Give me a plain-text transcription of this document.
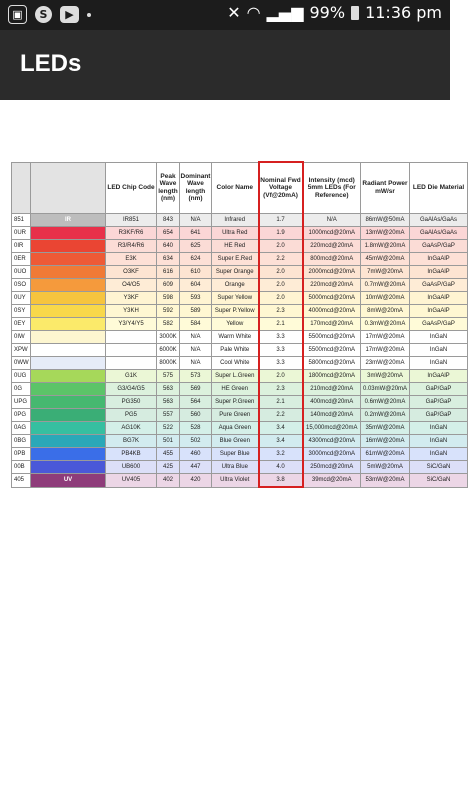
▣	S	▶	✕ ◠ ▂▄▆ 99% 11:36 pm
LEDs
		LED Chip Code	Peak Wave length (nm)	Dominant Wave length (nm)	Color Name	Nominal Fwd Voltage (Vf@20mA)	Intensity (mcd) 5mm LEDs (For Reference)	Radiant Power mW/sr	LED Die Material
851	IR	IR851	843	N/A	Infrared	1.7	N/A	86mW@50mA	GaAlAs/GaAs
0UR		R3KF/R6	654	641	Ultra Red	1.9	1000mcd@20mA	13mW@20mA	GaAlAs/GaAs
0IR		R3/R4/R6	640	625	HE Red	2.0	220mcd@20mA	1.8mW@20mA	GaAsP/GaP
0ER		E3K	634	624	Super E.Red	2.2	800mcd@20mA	45mW@20mA	InGaAlP
0UO		O3KF	616	610	Super Orange	2.0	2000mcd@20mA	7mW@20mA	InGaAlP
0SO		O4/O5	609	604	Orange	2.0	220mcd@20mA	0.7mW@20mA	GaAsP/GaP
0UY		Y3KF	598	593	Super Yellow	2.0	5000mcd@20mA	10mW@20mA	InGaAlP
0SY		Y3KH	592	589	Super P.Yellow	2.3	4000mcd@20mA	8mW@20mA	InGaAlP
0EY		Y3/Y4/Y5	582	584	Yellow	2.1	170mcd@20mA	0.3mW@20mA	GaAsP/GaP
0IW			3000K	N/A	Warm White	3.3	5500mcd@20mA	17mW@20mA	InGaN
XPW			6000K	N/A	Pale White	3.3	5500mcd@20mA	17mW@20mA	InGaN
0WW			8000K	N/A	Cool White	3.3	5800mcd@20mA	23mW@20mA	InGaN
0UG		G1K	575	573	Super L.Green	2.0	1800mcd@20mA	3mW@20mA	InGaAlP
0G		G3/G4/G5	563	569	HE Green	2.3	210mcd@20mA	0.03mW@20mA	GaP/GaP
UPG		PG350	563	564	Super P.Green	2.1	400mcd@20mA	0.6mW@20mA	GaP/GaP
0PG		PG5	557	560	Pure Green	2.2	140mcd@20mA	0.2mW@20mA	GaP/GaP
0AG		AG10K	522	528	Aqua Green	3.4	15,000mcd@20mA	35mW@20mA	InGaN
0BG		BG7K	501	502	Blue Green	3.4	4300mcd@20mA	16mW@20mA	InGaN
0PB		PB4KB	455	460	Super Blue	3.2	3000mcd@20mA	61mW@20mA	InGaN
00B		UB600	425	447	Ultra Blue	4.0	250mcd@20mA	5mW@20mA	SiC/GaN
405	UV	UV405	402	420	Ultra Violet	3.8	39mcd@20mA	53mW@20mA	SiC/GaN
